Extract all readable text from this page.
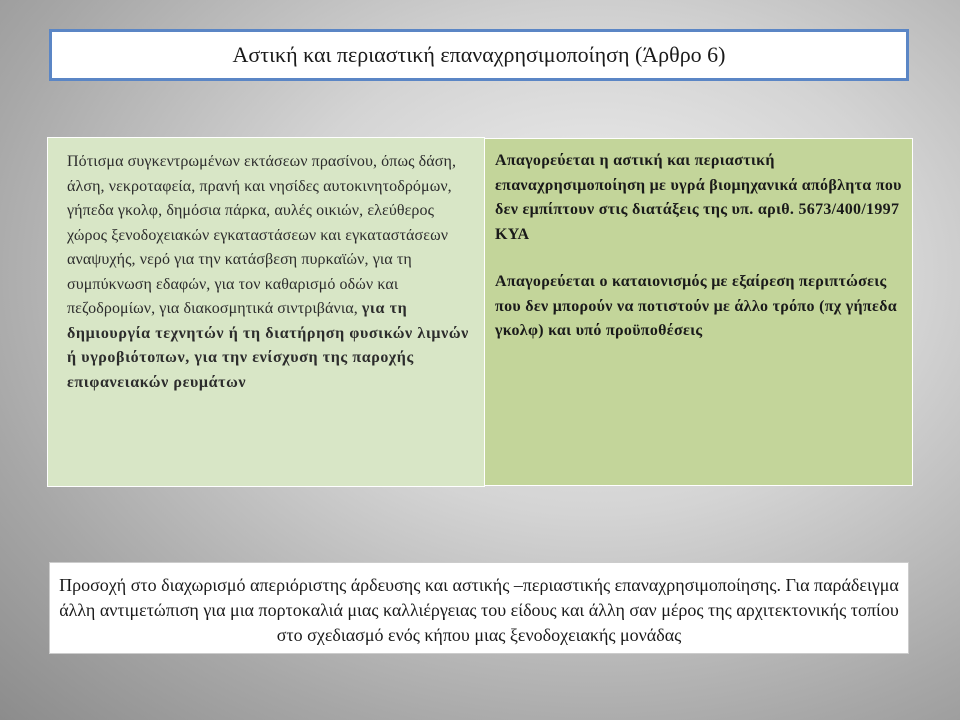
Αστική και περιαστική επαναχρησιμοποίηση (Άρθρο 6)
Πότισμα συγκεντρωμένων εκτάσεων πρασίνου, όπως δάση, άλση, νεκροταφεία, πρανή και νησίδες αυτοκινητοδρόμων, γήπεδα γκολφ, δημόσια πάρκα, αυλές οικιών, ελεύθερος χώρος ξενοδοχειακών εγκαταστάσεων και εγκαταστάσεων αναψυχής, νερό για την κατάσβεση πυρκαϊών, για τη συμπύκνωση εδαφών, για τον καθαρισμό οδών και πεζοδρομίων, για διακοσμητικά σιντριβάνια, για τη δημιουργία τεχνητών ή τη διατήρηση φυσικών λιμνών ή υγροβιότοπων, για την ενίσχυση της παροχής επιφανειακών ρευμάτων

Απαγορεύεται η αστική και περιαστική επαναχρησιμοποίηση με υγρά βιομηχανικά απόβλητα που δεν εμπίπτουν στις διατάξεις της υπ. αριθ. 5673/400/1997 ΚΥΑ

Απαγορεύεται ο καταιονισμός με εξαίρεση περιπτώσεις που δεν μπορούν να ποτιστούν με άλλο τρόπο (πχ γήπεδα γκολφ) και υπό προϋποθέσεις

Προσοχή στο διαχωρισμό απεριόριστης άρδευσης και αστικής –περιαστικής επαναχρησιμοποίησης. Για παράδειγμα άλλη αντιμετώπιση για μια πορτοκαλιά μιας καλλιέργειας του είδους και άλλη σαν μέρος της αρχιτεκτονικής τοπίου στο σχεδιασμό ενός κήπου μιας ξενοδοχειακής μονάδας
